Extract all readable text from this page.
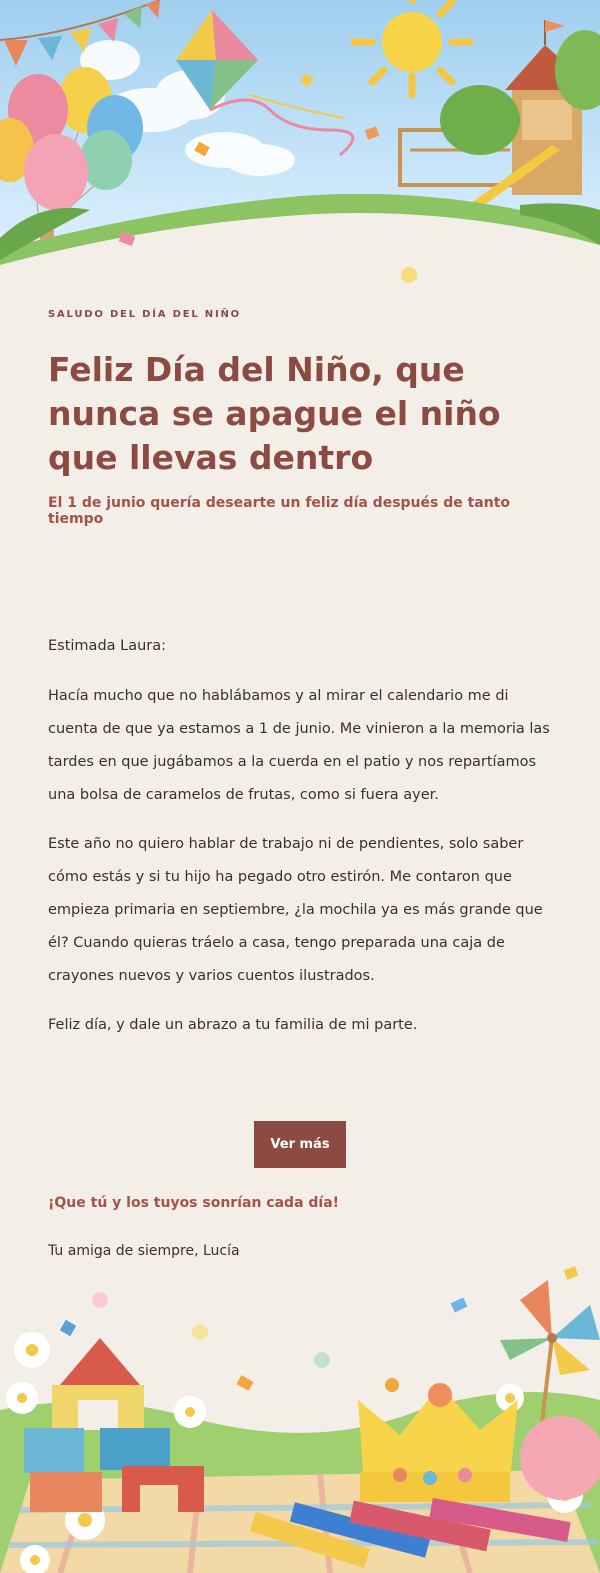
SALUDO DEL DÍA DEL NIÑO
Feliz Día del Niño, que nunca se apague el niño que llevas dentro

El 1 de junio quería desearte un feliz día después de tanto tiempo

Estimada Laura:

Hacía mucho que no hablábamos y al mirar el calendario me di cuenta de que ya estamos a 1 de junio. Me vinieron a la memoria las tardes en que jugábamos a la cuerda en el patio y nos repartíamos una bolsa de caramelos de frutas, como si fuera ayer.

Este año no quiero hablar de trabajo ni de pendientes, solo saber cómo estás y si tu hijo ha pegado otro estirón. Me contaron que empieza primaria en septiembre, ¿la mochila ya es más grande que él? Cuando quieras tráelo a casa, tengo preparada una caja de crayones nuevos y varios cuentos ilustrados.

Feliz día, y dale un abrazo a tu familia de mi parte.

Ver más

¡Que tú y los tuyos sonrían cada día!

Tu amiga de siempre, Lucía
